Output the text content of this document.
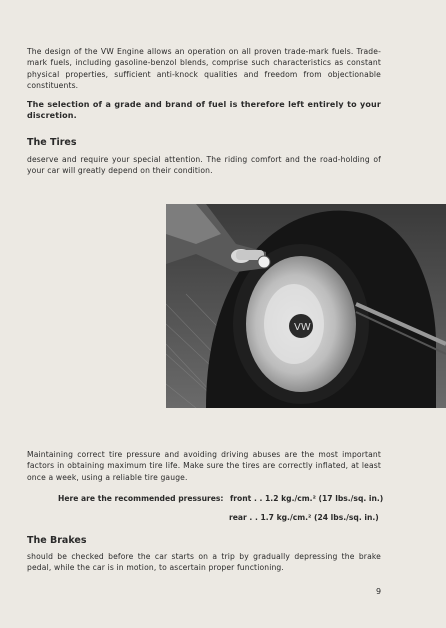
The design of the VW Engine allows an operation on all proven trade-mark fuels. Trade-mark fuels, including gasoline-benzol blends, comprise such characteristics as constant physical properties, sufficient anti-knock qualities and freedom from objectionable constituents.

The selection of a grade and brand of fuel is therefore left entirely to your discretion.

The Tires

deserve and require your special attention. The riding comfort and the road-holding of your car will greatly depend on their condition.

VW

Maintaining correct tire pressure and avoiding driving abuses are the most important factors in obtaining maximum tire life. Make sure the tires are correctly inflated, at least once a week, using a reliable tire gauge.

Here are the recommended pressures: front . . 1.2 kg./cm.² (17 lbs./sq. in.)
rear . . 1.7 kg./cm.² (24 lbs./sq. in.)
The Brakes

should be checked before the car starts on a trip by gradually depressing the brake pedal, while the car is in motion, to ascertain proper functioning.

9
